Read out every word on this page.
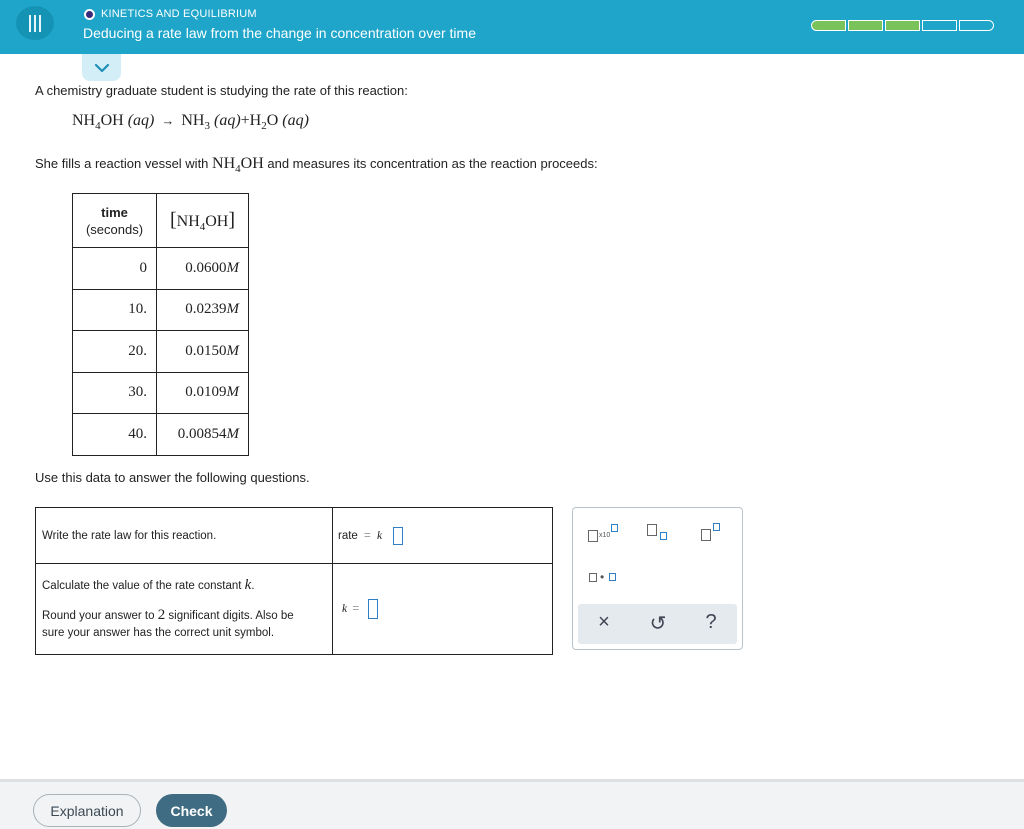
KINETICS AND EQUILIBRIUM
Deducing a rate law from the change in concentration over time
A chemistry graduate student is studying the rate of this reaction:
$NH_4OH$ $(aq) \to NH_3$ $(aq)+H_2O$ (aq)
She fills a reaction vessel with $NH_4OH$ and measures its concentration as the reaction proceeds:
time
(seconds)	$[NH_4OH]$
0	0.0600M
10.	0.0239M
20.	0.0150M
30.	0.0109M
40.	0.00854M
Use this data to answer the following questions.
Write the rate law for this reaction.	rate = k

Calculate the value of the rate constant k.
Round your answer to 2 significant digits. Also be
sure your answer has the correct unit symbol.	k =
x10
•
×	↺	?
Explanation	Check
